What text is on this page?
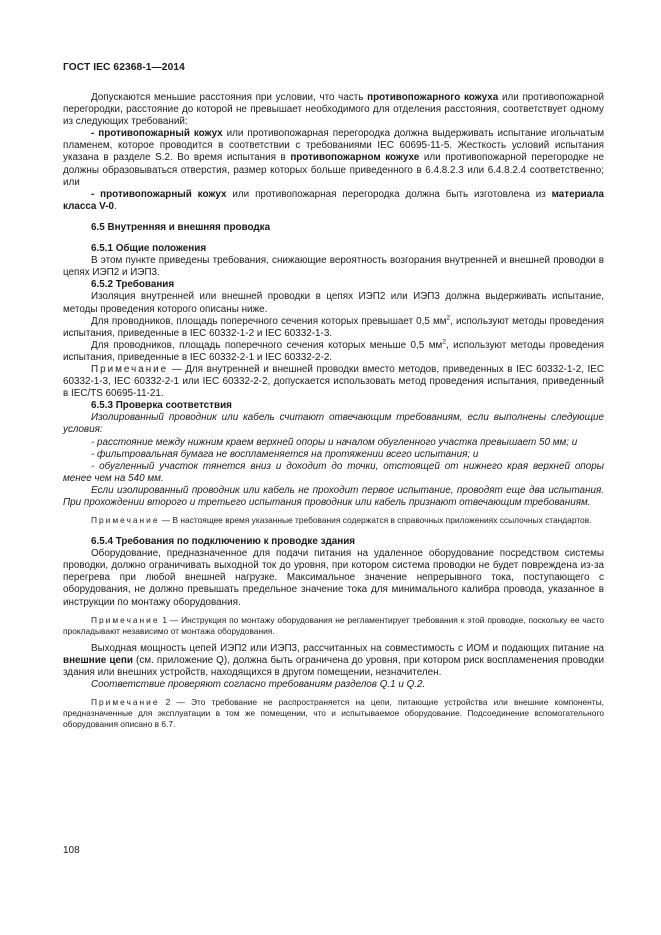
ГОСТ IEC 62368-1—2014

Допускаются меньшие расстояния при условии, что часть противопожарного кожуха или противопожарной перегородки, расстояние до которой не превышает необходимого для отделения расстояния, соответствует одному из следующих требований:

- противопожарный кожух или противопожарная перегородка должна выдерживать испытание игольчатым пламенем, которое проводится в соответствии с требованиями IEC 60695-11-5. Жесткость условий испытания указана в разделе S.2. Во время испытания в противопожарном кожухе или противопожарной перегородке не должны образовываться отверстия, размер которых больше приведенного в 6.4.8.2.3 или 6.4.8.2.4 соответственно; или

- противопожарный кожух или противопожарная перегородка должна быть изготовлена из материала класса V-0.

6.5 Внутренняя и внешняя проводка

6.5.1 Общие положения

В этом пункте приведены требования, снижающие вероятность возгорания внутренней и внешней проводки в цепях ИЭП2 и ИЭП3.

6.5.2 Требования

Изоляция внутренней или внешней проводки в цепях ИЭП2 или ИЭП3 должна выдерживать испытание, методы проведения которого описаны ниже.

Для проводников, площадь поперечного сечения которых превышает 0,5 $мм^2$, используют методы проведения испытания, приведенные в IEC 60332-1-2 и IEC 60332-1-3.

Для проводников, площадь поперечного сечения которых меньше 0,5 $мм^2$, используют методы проведения испытания, приведенные в IEC 60332-2-1 и IEC 60332-2-2.

Примечание — Для внутренней и внешней проводки вместо методов, приведенных в IEC 60332-1-2, IEC 60332-1-3, IEC 60332-2-1 или IEC 60332-2-2, допускается использовать метод проведения испытания, приведенный в IEC/TS 60695-11-21.

6.5.3 Проверка соответствия

Изолированный проводник или кабель считают отвечающим требованиям, если выполнены следующие условия:

- расстояние между нижним краем верхней опоры и началом обугленного участка превышает 50 мм; и

- фильтровальная бумага не воспламеняется на протяжении всего испытания; и

- обугленный участок тянется вниз и доходит до точки, отстоящей от нижнего края верхней опоры менее чем на 540 мм.

Если изолированный проводник или кабель не проходит первое испытание, проводят еще два испытания. При прохождении второго и третьего испытания проводник или кабель признают отвечающим требованиям.

Примечание — В настоящее время указанные требования содержатся в справочных приложениях ссылочных стандартов.

6.5.4 Требования по подключению к проводке здания

Оборудование, предназначенное для подачи питания на удаленное оборудование посредством системы проводки, должно ограничивать выходной ток до уровня, при котором система проводки не будет повреждена из-за перегрева при любой внешней нагрузке. Максимальное значение непрерывного тока, поступающего с оборудования, не должно превышать предельное значение тока для минимального калибра провода, указанное в инструкции по монтажу оборудования.

Примечание 1 — Инструкция по монтажу оборудования не регламентирует требования к этой проводке, поскольку ее часто прокладывают независимо от монтажа оборудования.

Выходная мощность цепей ИЭП2 или ИЭП3, рассчитанных на совместимость с ИОМ и подающих питание на внешние цепи (см. приложение Q), должна быть ограничена до уровня, при котором риск воспламенения проводки здания или внешних устройств, находящихся в другом помещении, незначителен.

Соответствие проверяют согласно требованиям разделов Q.1 и Q.2.

Примечание 2 — Это требование не распространяется на цепи, питающие устройства или внешние компоненты, предназначенные для эксплуатации в том же помещении, что и испытываемое оборудование. Подсоединение вспомогательного оборудования описано в 6.7.

108
